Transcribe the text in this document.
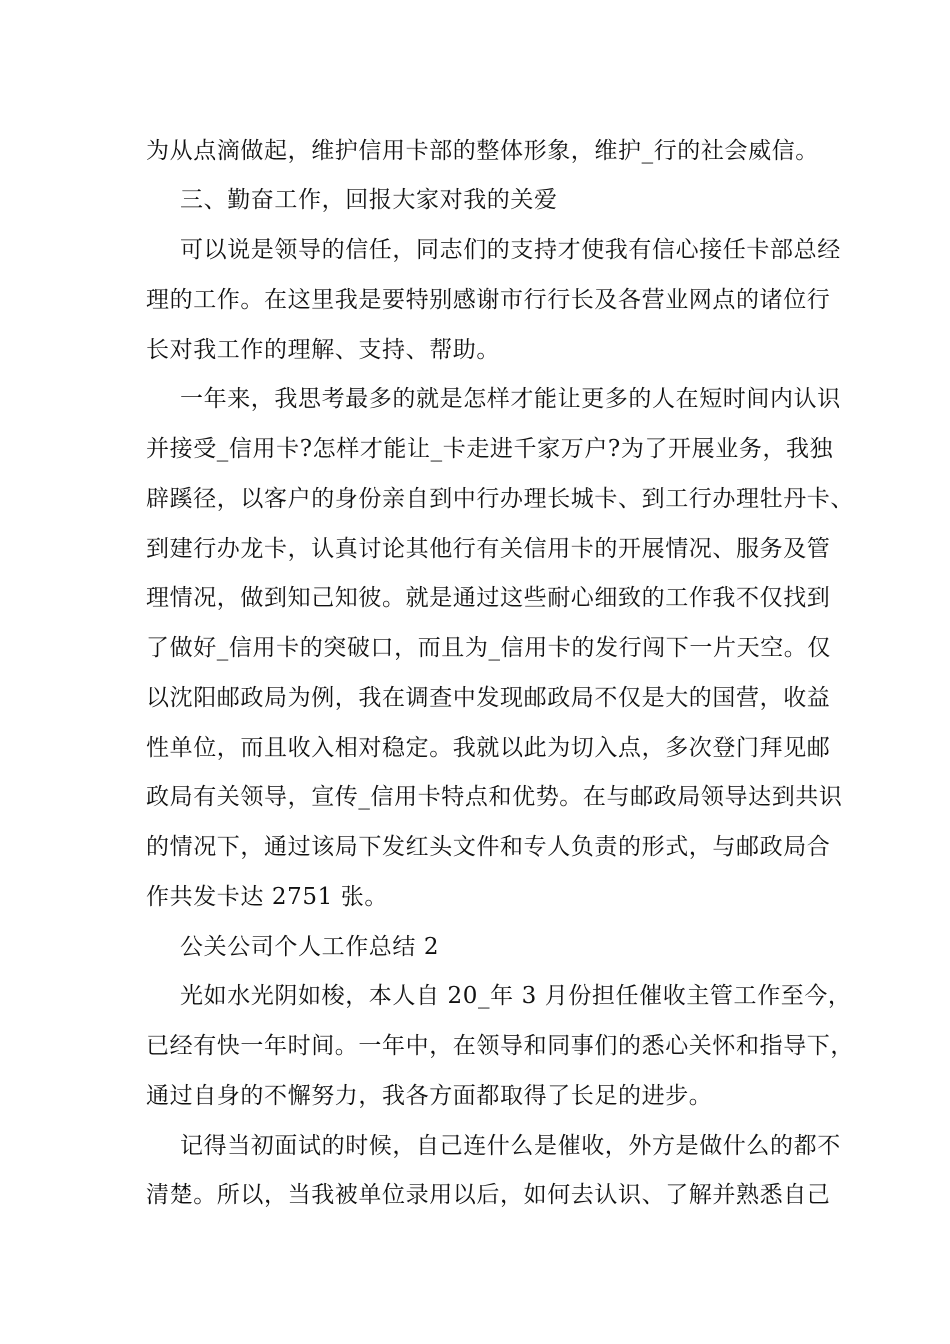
为从点滴做起，维护信用卡部的整体形象，维护_行的社会威信。
三、勤奋工作，回报大家对我的关爱
可以说是领导的信任，同志们的支持才使我有信心接任卡部总经
理的工作。在这里我是要特别感谢市行行长及各营业网点的诸位行
长对我工作的理解、支持、帮助。
一年来，我思考最多的就是怎样才能让更多的人在短时间内认识
并接受_信用卡?怎样才能让_卡走进千家万户?为了开展业务，我独
辟蹊径，以客户的身份亲自到中行办理长城卡、到工行办理牡丹卡、
到建行办龙卡，认真讨论其他行有关信用卡的开展情况、服务及管
理情况，做到知己知彼。就是通过这些耐心细致的工作我不仅找到
了做好_信用卡的突破口，而且为_信用卡的发行闯下一片天空。仅
以沈阳邮政局为例，我在调查中发现邮政局不仅是大的国营，收益
性单位，而且收入相对稳定。我就以此为切入点，多次登门拜见邮
政局有关领导，宣传_信用卡特点和优势。在与邮政局领导达到共识
的情况下，通过该局下发红头文件和专人负责的形式，与邮政局合
作共发卡达 2751 张。
公关公司个人工作总结 2
光如水光阴如梭，本人自 20_年 3 月份担任催收主管工作至今，
已经有快一年时间。一年中，在领导和同事们的悉心关怀和指导下，
通过自身的不懈努力，我各方面都取得了长足的进步。
记得当初面试的时候，自己连什么是催收，外方是做什么的都不
清楚。所以，当我被单位录用以后，如何去认识、了解并熟悉自己
